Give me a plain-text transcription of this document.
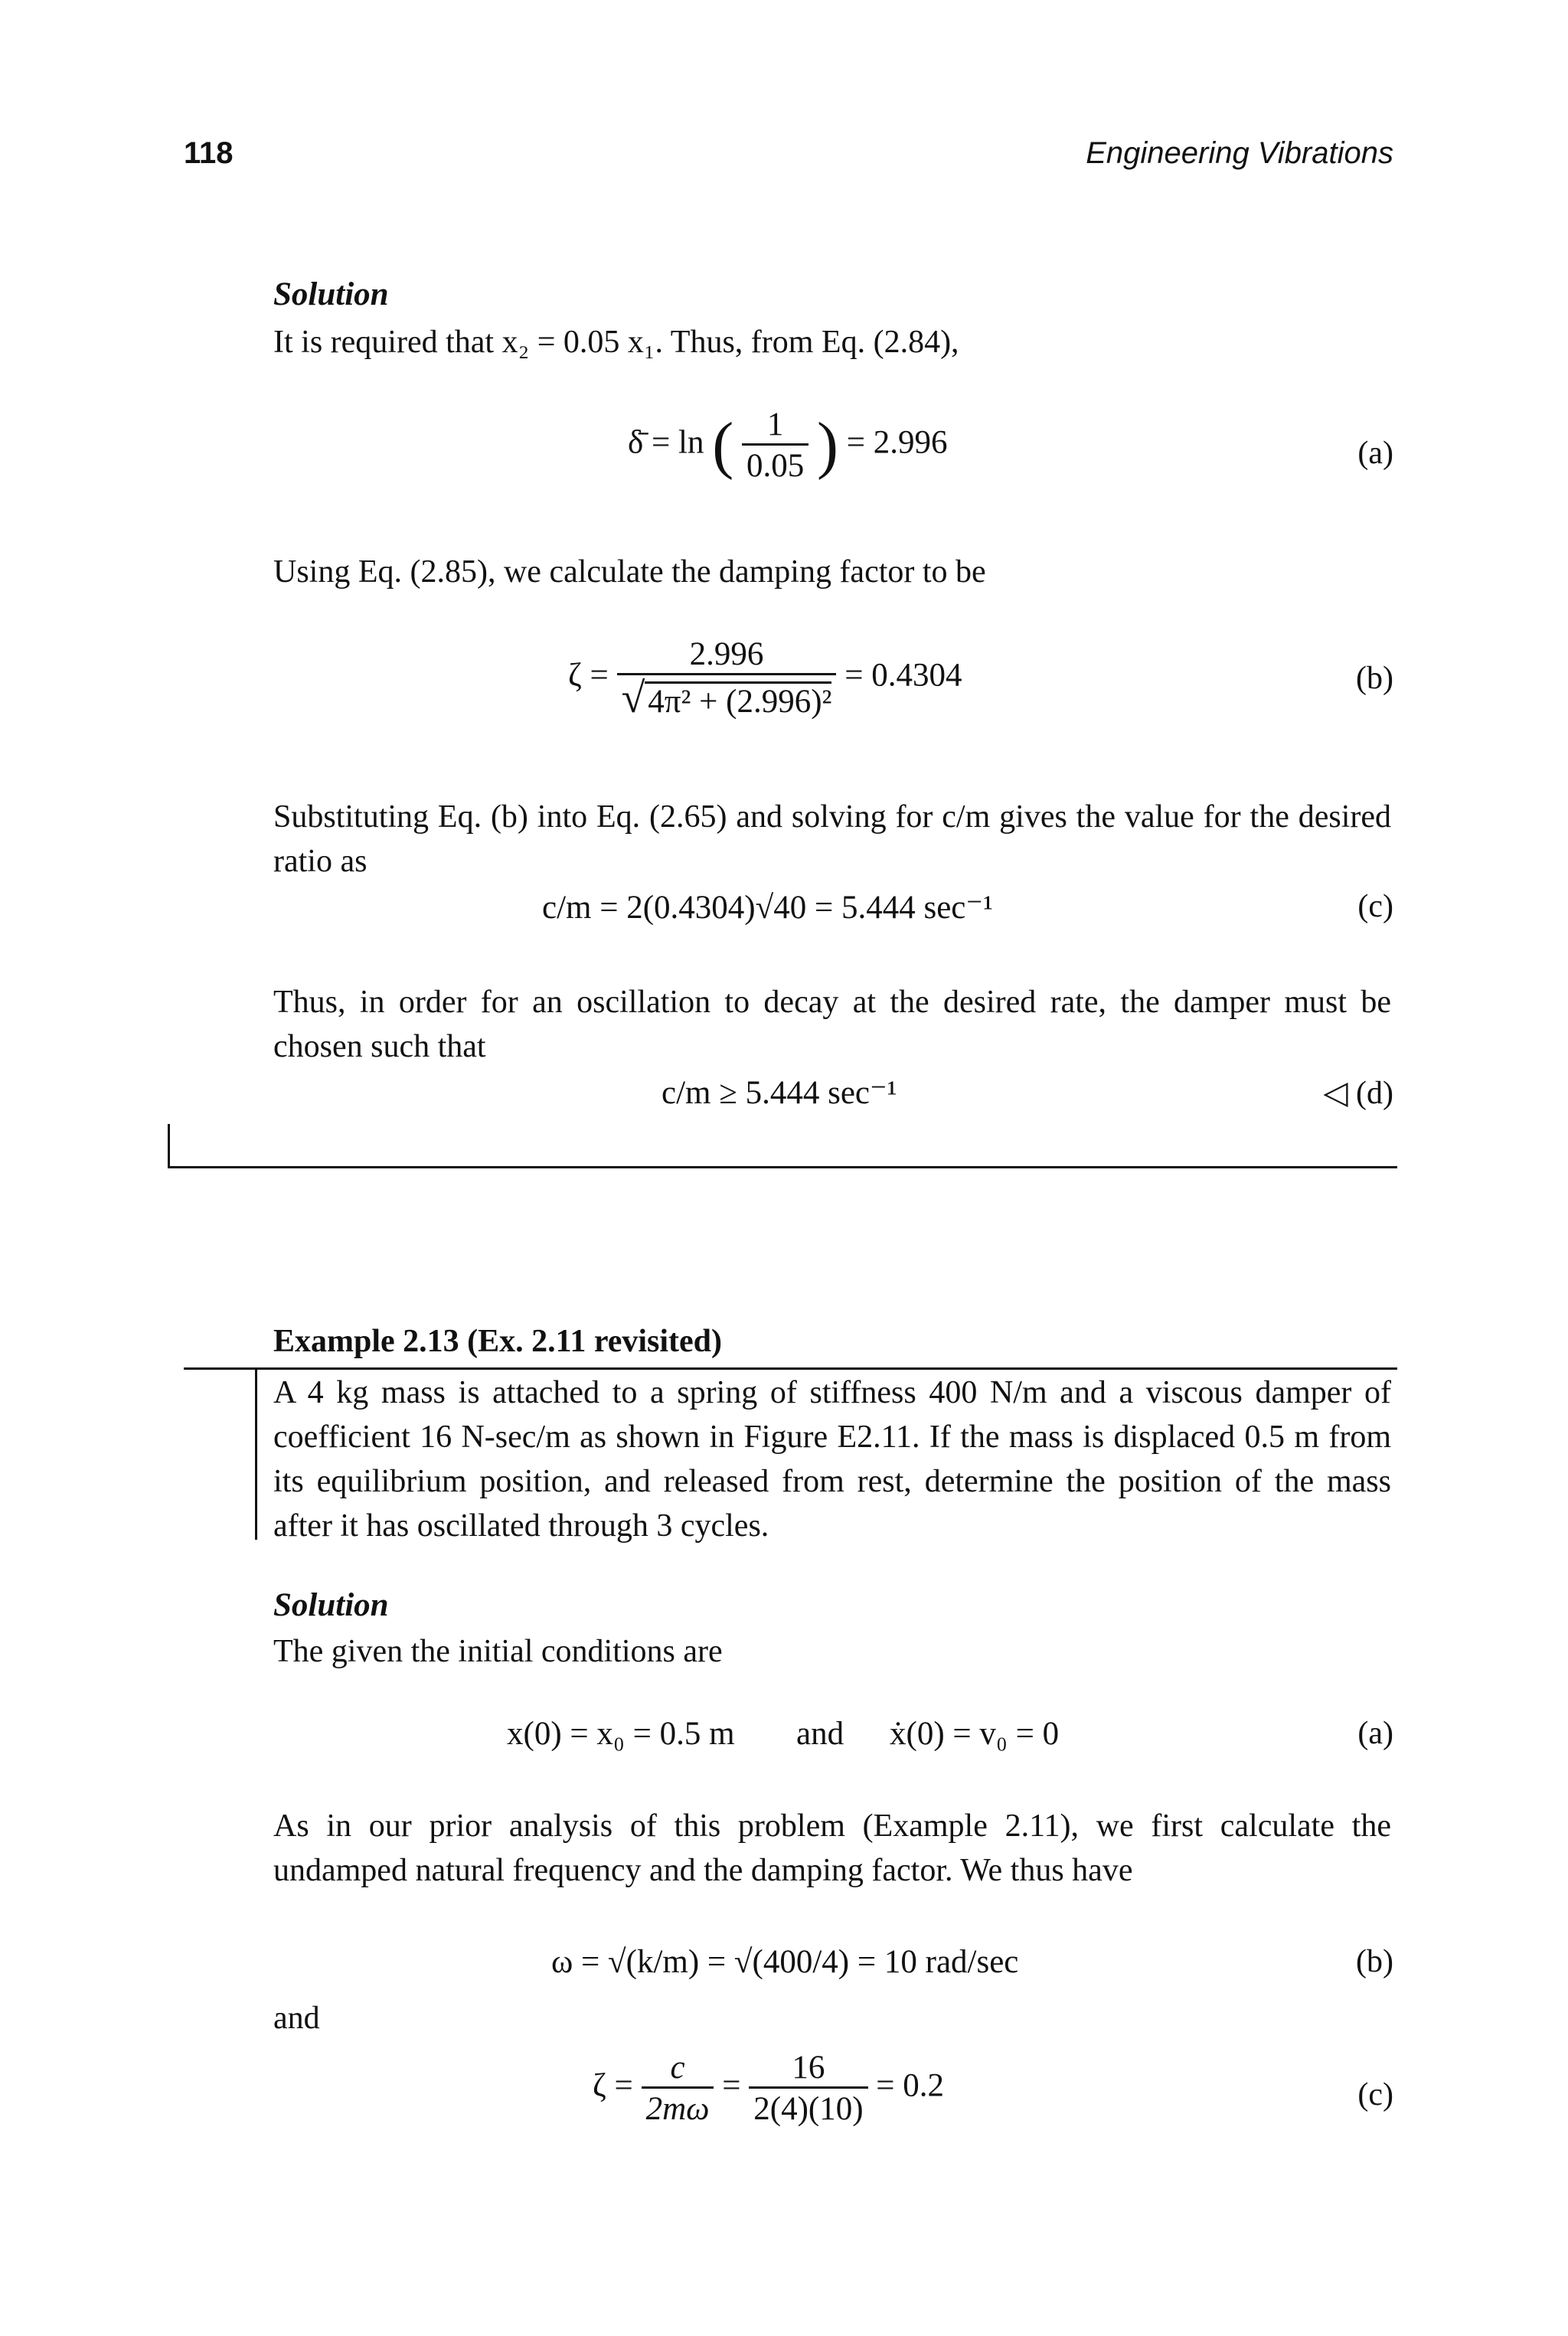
118	Engineering Vibrations
Solution
It is required that x₂ = 0.05 x₁. Thus, from Eq. (2.84),
δ̄ = ln ( $\frac{1}{0.05}$ ) = 2.996	(a)
Using Eq. (2.85), we calculate the damping factor to be
$\zeta = \frac{2.996}{\text{√4π² + (2.996)²}} = 0.4304$	(b)
Substituting Eq. (b) into Eq. (2.65) and solving for c/m gives the value for the desired ratio as
c/m = 2(0.4304)√40 = 5.444 sec⁻¹	(c)
Thus, in order for an oscillation to decay at the desired rate, the damper must be chosen such that
c/m ≥ 5.444 sec⁻¹	◁ (d)
Example 2.13 (Ex. 2.11 revisited)
A 4 kg mass is attached to a spring of stiffness 400 N/m and a viscous damper of coefficient 16 N-sec/m as shown in Figure E2.11. If the mass is displaced 0.5 m from its equilibrium position, and released from rest, determine the position of the mass after it has oscillated through 3 cycles.
Solution
The given the initial conditions are
x(0) = x₀ = 0.5 m and ẋ(0) = v₀ = 0	(a)
As in our prior analysis of this problem (Example 2.11), we first calculate the undamped natural frequency and the damping factor. We thus have
ω = √(k/m) = √(400/4) = 10 rad/sec	(b)
and
$\zeta = \frac{c}{2m\omega} = \frac{16}{2(4)(10)} = 0.2$	(c)
